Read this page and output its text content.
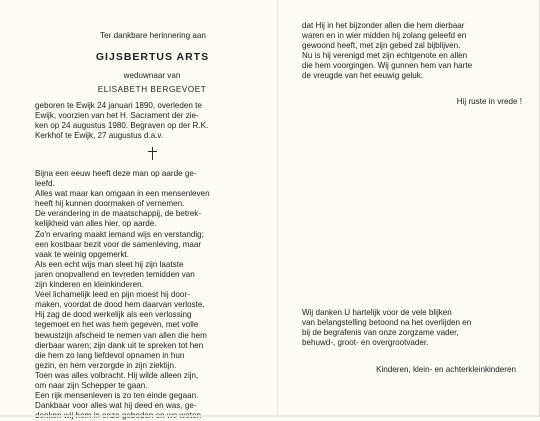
Ter dankbare herinnering aan

GIJSBERTUS ARTS

weduwnaar van

ELISABETH BERGEVOET

geboren te Ewijk 24 januari 1890, overleden te

Ewijk, voorzien van het H. Sacrament der zie-

ken op 24 augustus 1980. Begraven op der R.K.

Kerkhof te Ewijk, 27 augustus d.a.v.

Bijna een eeuw heeft deze man op aarde ge-

leefd.

Alles wat maar kan omgaan in een mensenleven

heeft hij kunnen doormaken of vernemen.

De verandering in de maatschappij, de betrek-

kelijkheid van alles hier, op aarde.

Zo'n ervaring maakt iemand wijs en verstandig;

een kostbaar bezit voor de samenleving, maar

vaak te weinig opgemerkt.

Als een echt wijs man sleet hij zijn laatste

jaren onopvallend en tevreden temidden van

zijn kinderen en kleinkinderen.

Veel lichamelijk leed en pijn moest hij door-

maken, voordat de dood hem daarvan verloste.

Hij zag de dood werkelijk als een verlossing

tegemoet en het was hem gegeven, met volle

bewustzijn afscheid te nemen van allen die hem

dierbaar waren; zijn dank uit te spreken tot hen

die hem zo lang liefdevol opnamen in hun

gezin, en hem verzorgde in zijn ziektijn.

Toen was alles volbracht. Hij wilde alleen zijn,

om naar zijn Schepper te gaan.

Een rijk mensenleven is zo ten einde gegaan.

Dankbaar voor alles wat hij deed en was, ge-

dat Hij in het bijzonder allen die hem dierbaar

waren en in wier midden hij zolang geleefd en

gewoond heeft, met zijn gebed zal bijblijven.

Nu is hij verenigd met zijn echtgenote en allen

die hem voorgingen. Wij gunnen hem van harte

de vreugde van het eeuwig geluk.

Hij ruste in vrede !

Wij danken U hartelijk voor de vele blijken

van belangstelling betoond na het overlijden en

bij de begrafenis van onze zorgzame vader,

behuwd-, groot- en overgrootvader.

Kinderen, klein- en achterkleinkinderen
